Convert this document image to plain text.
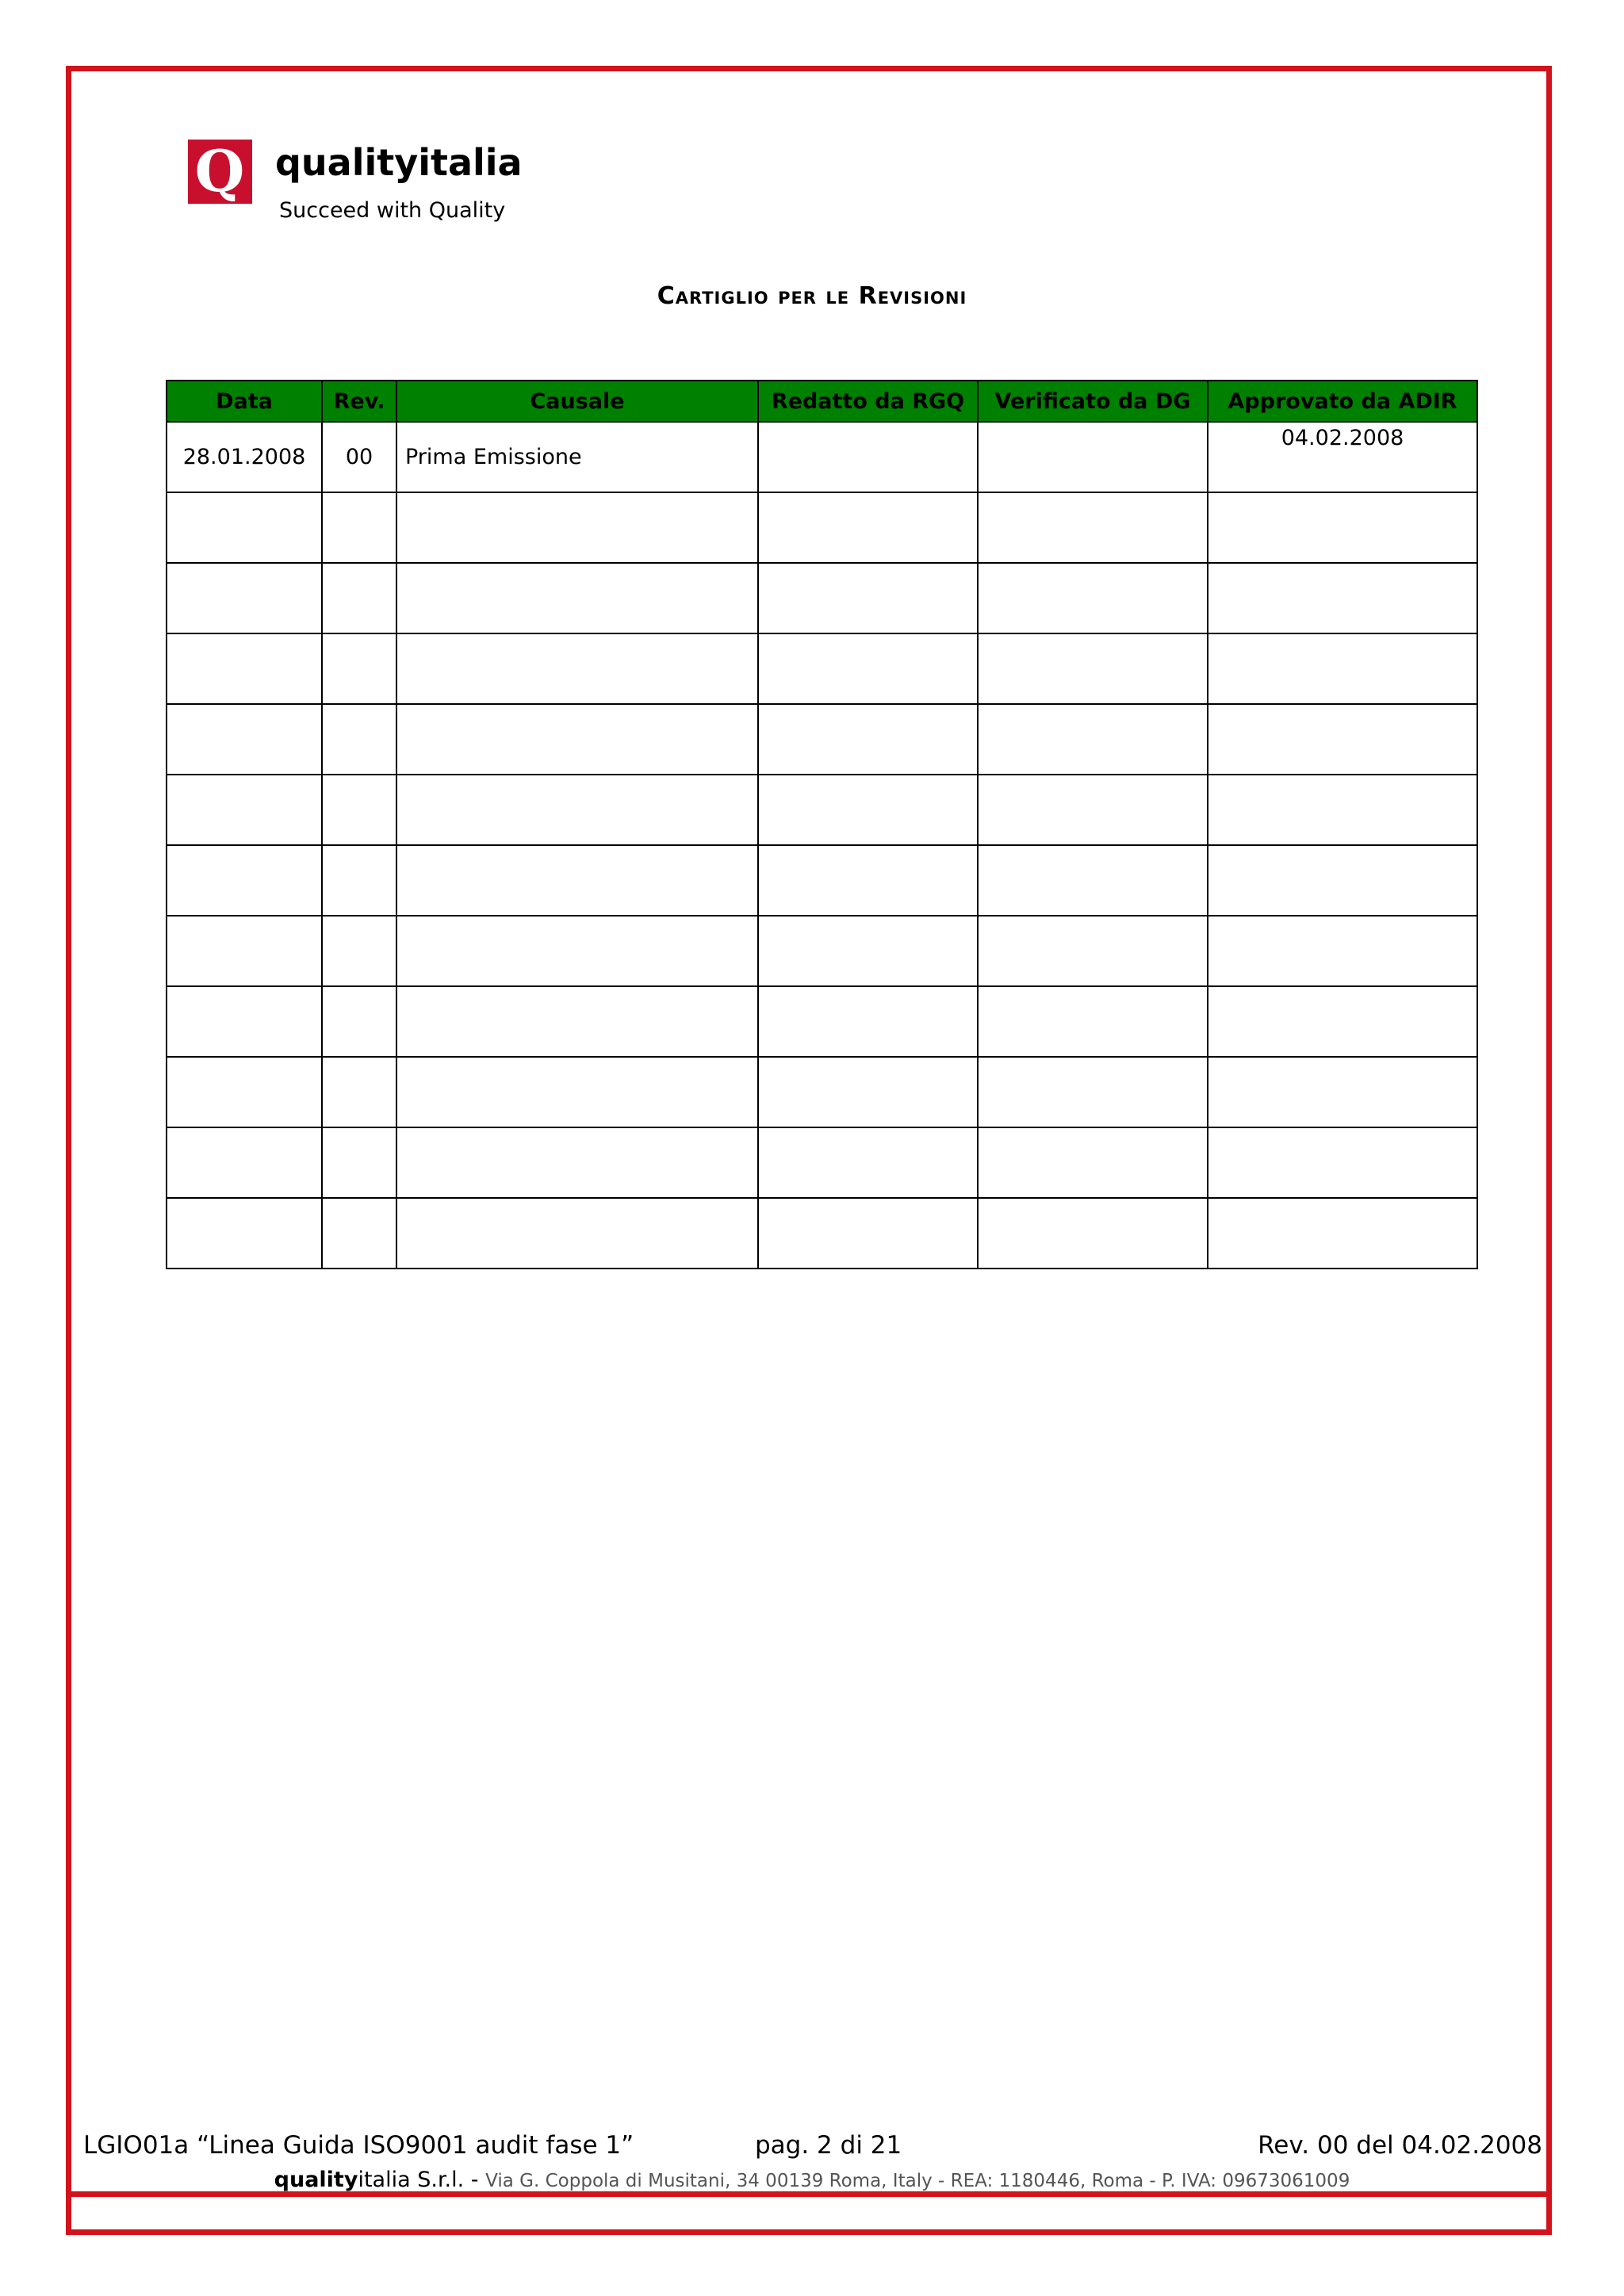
Q qualityitalia
Succeed with Quality
Cartiglio per le Revisioni
Data	Rev.	Causale	Redatto da RGQ	Verificato da DG	Approvato da ADIR
28.01.2008	00	Prima Emissione			04.02.2008

LGIO01a “Linea Guida ISO9001 audit fase 1”	pag. 2 di 21	Rev. 00 del 04.02.2008
qualityitalia S.r.l. - Via G. Coppola di Musitani, 34 00139 Roma, Italy - REA: 1180446, Roma - P. IVA: 09673061009
